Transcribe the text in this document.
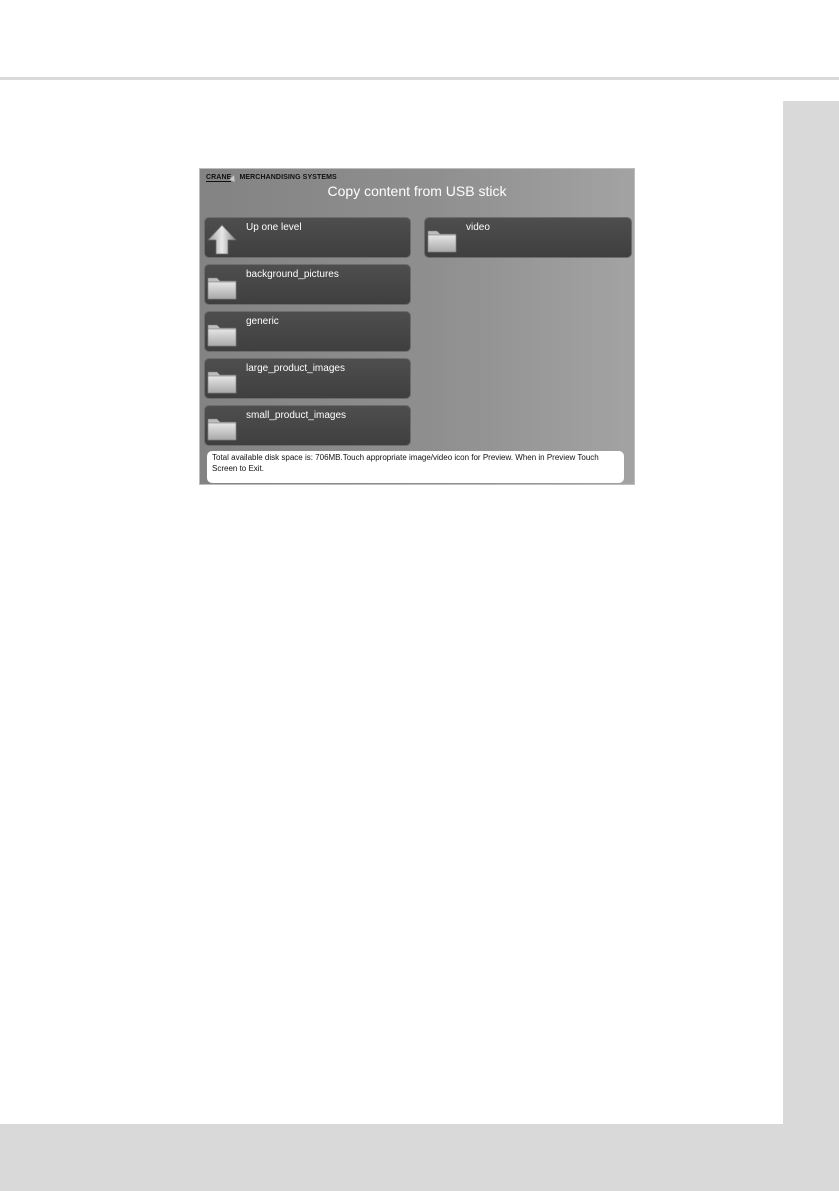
CRANE MERCHANDISING SYSTEMS
Copy content from USB stick
Up one level
background_pictures
generic
large_product_images
small_product_images
video
Total available disk space is: 706MB.Touch appropriate image/video icon for Preview. When in Preview Touch Screen to Exit.
